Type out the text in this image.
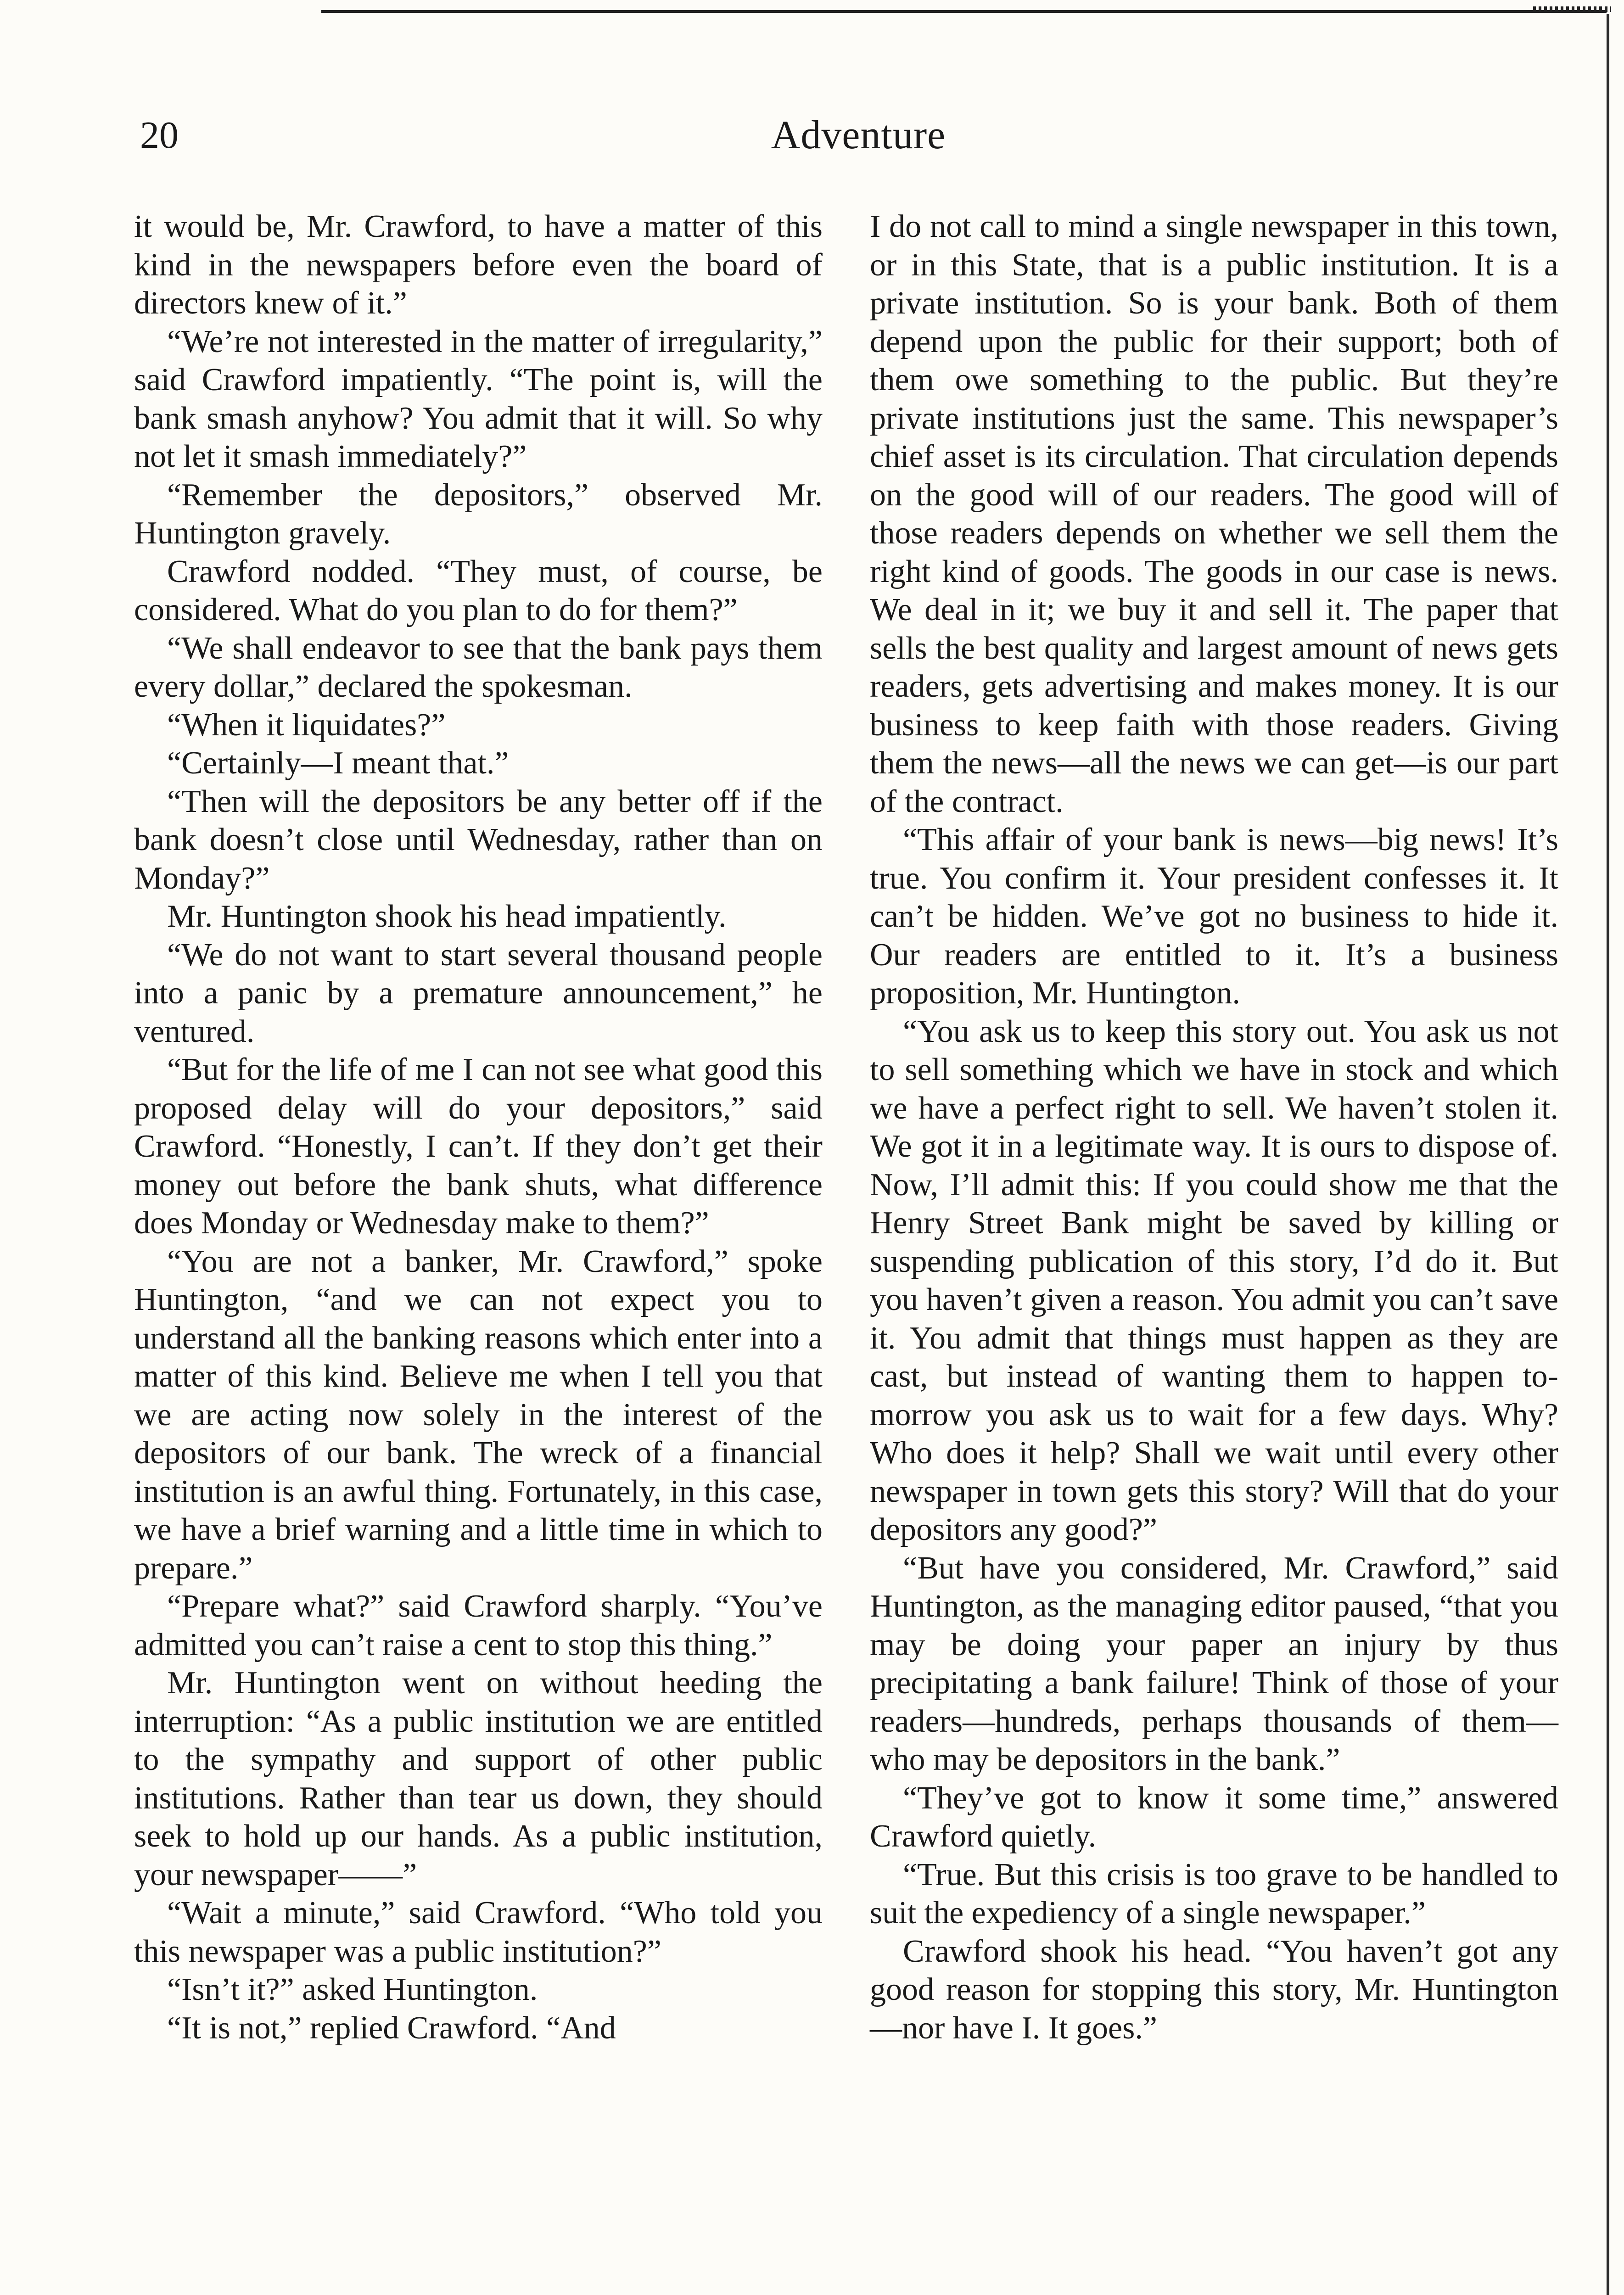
20	Adventure

it would be, Mr. Crawford, to have a matter of this kind in the newspapers before even the board of directors knew of it.”

“We’re not interested in the matter of irregularity,” said Crawford impatiently. “The point is, will the bank smash anyhow? You admit that it will. So why not let it smash immediately?”

“Remember the depositors,” observed Mr. Huntington gravely.

Crawford nodded. “They must, of course, be considered. What do you plan to do for them?”

“We shall endeavor to see that the bank pays them every dollar,” declared the spokesman.

“When it liquidates?”

“Certainly—I meant that.”

“Then will the depositors be any better off if the bank doesn’t close until Wednesday, rather than on Monday?”

Mr. Huntington shook his head impatiently.

“We do not want to start several thousand people into a panic by a premature announcement,” he ventured.

“But for the life of me I can not see what good this proposed delay will do your depositors,” said Crawford. “Honestly, I can’t. If they don’t get their money out before the bank shuts, what difference does Monday or Wednesday make to them?”

“You are not a banker, Mr. Crawford,” spoke Huntington, “and we can not expect you to understand all the banking reasons which enter into a matter of this kind. Believe me when I tell you that we are acting now solely in the interest of the depositors of our bank. The wreck of a financial institution is an awful thing. Fortunately, in this case, we have a brief warning and a little time in which to prepare.”

“Prepare what?” said Crawford sharply. “You’ve admitted you can’t raise a cent to stop this thing.”

Mr. Huntington went on without heeding the interruption: “As a public institution we are entitled to the sympathy and support of other public institutions. Rather than tear us down, they should seek to hold up our hands. As a public institution, your newspaper——”

“Wait a minute,” said Crawford. “Who told you this newspaper was a public institution?”

“Isn’t it?” asked Huntington.

“It is not,” replied Crawford. “And

I do not call to mind a single newspaper in this town, or in this State, that is a public institution. It is a private institution. So is your bank. Both of them depend upon the public for their support; both of them owe something to the public. But they’re private institutions just the same. This newspaper’s chief asset is its circulation. That circulation depends on the good will of our readers. The good will of those readers depends on whether we sell them the right kind of goods. The goods in our case is news. We deal in it; we buy it and sell it. The paper that sells the best quality and largest amount of news gets readers, gets advertising and makes money. It is our business to keep faith with those readers. Giving them the news—all the news we can get—is our part of the contract.

“This affair of your bank is news—big news! It’s true. You confirm it. Your president confesses it. It can’t be hidden. We’ve got no business to hide it. Our readers are entitled to it. It’s a business proposition, Mr. Huntington.

“You ask us to keep this story out. You ask us not to sell something which we have in stock and which we have a perfect right to sell. We haven’t stolen it. We got it in a legitimate way. It is ours to dispose of. Now, I’ll admit this: If you could show me that the Henry Street Bank might be saved by killing or suspending publication of this story, I’d do it. But you haven’t given a reason. You admit you can’t save it. You admit that things must happen as they are cast, but instead of wanting them to happen to-morrow you ask us to wait for a few days. Why? Who does it help? Shall we wait until every other newspaper in town gets this story? Will that do your depositors any good?”

“But have you considered, Mr. Crawford,” said Huntington, as the managing editor paused, “that you may be doing your paper an injury by thus precipitating a bank failure! Think of those of your readers—hundreds, perhaps thousands of them—who may be depositors in the bank.”

“They’ve got to know it some time,” answered Crawford quietly.

“True. But this crisis is too grave to be handled to suit the expediency of a single newspaper.”

Crawford shook his head. “You haven’t got any good reason for stopping this story, Mr. Huntington—nor have I. It goes.”
